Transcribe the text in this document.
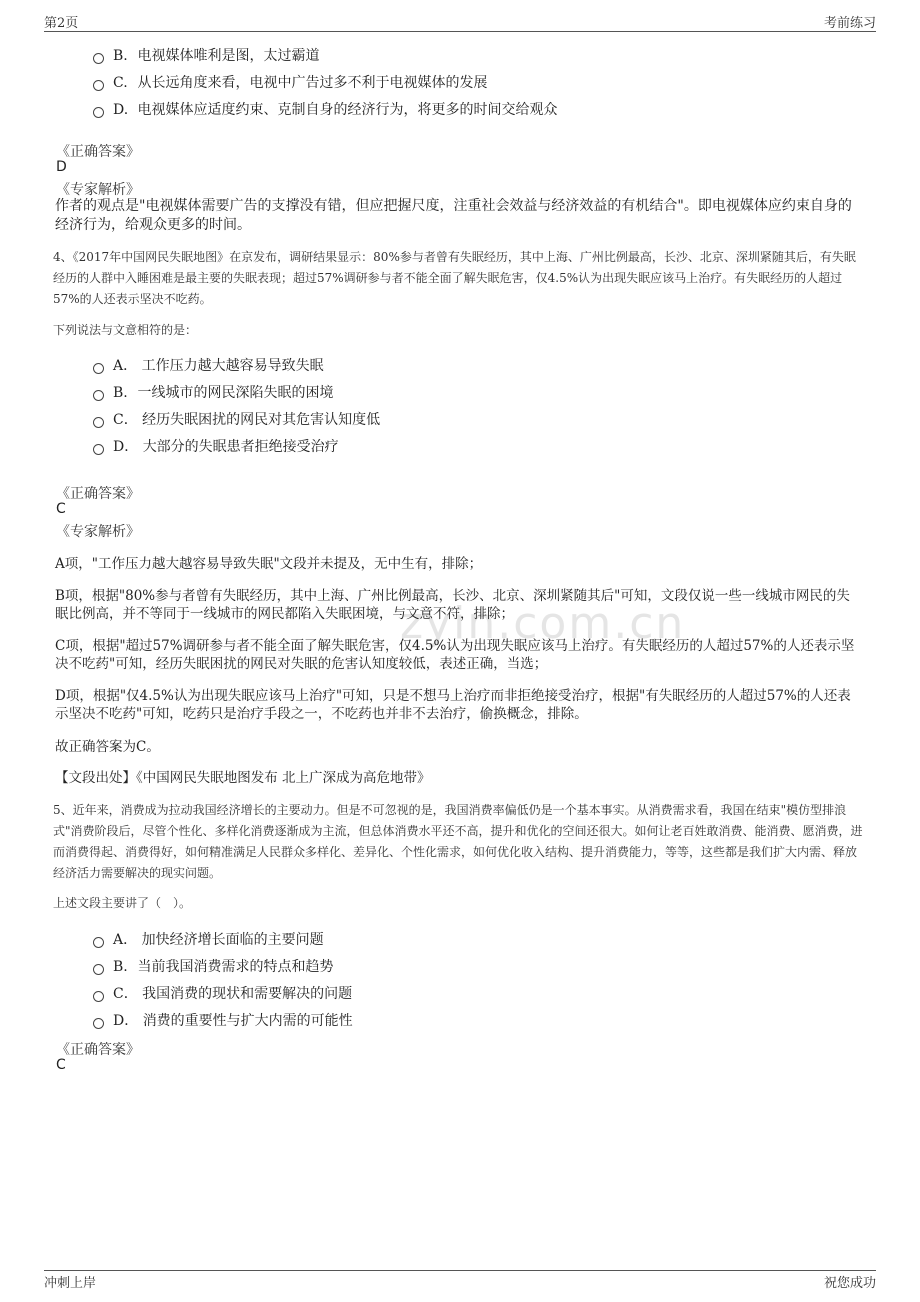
第2页	考前练习
zyin.com.cn
B. 电视媒体唯利是图，太过霸道
C. 从长远角度来看，电视中广告过多不利于电视媒体的发展
D. 电视媒体应适度约束、克制自身的经济行为，将更多的时间交给观众
《正确答案》
D
《专家解析》
作者的观点是"电视媒体需要广告的支撑没有错，但应把握尺度，注重社会效益与经济效益的有机结合"。即电视媒体应约束自身的经济行为，给观众更多的时间。
4、《2017年中国网民失眠地图》在京发布，调研结果显示：80%参与者曾有失眠经历，其中上海、广州比例最高，长沙、北京、深圳紧随其后，有失眠经历的人群中入睡困难是最主要的失眠表现；超过57%调研参与者不能全面了解失眠危害，仅4.5%认为出现失眠应该马上治疗。有失眠经历的人超过57%的人还表示坚决不吃药。
下列说法与文意相符的是：
A． 工作压力越大越容易导致失眠
B. 一线城市的网民深陷失眠的困境
C． 经历失眠困扰的网民对其危害认知度低
D． 大部分的失眠患者拒绝接受治疗
《正确答案》
C
《专家解析》
A项，"工作压力越大越容易导致失眠"文段并未提及，无中生有，排除；
B项，根据"80%参与者曾有失眠经历，其中上海、广州比例最高，长沙、北京、深圳紧随其后"可知，文段仅说一些一线城市网民的失眠比例高，并不等同于一线城市的网民都陷入失眠困境，与文意不符，排除；
C项，根据"超过57%调研参与者不能全面了解失眠危害，仅4.5%认为出现失眠应该马上治疗。有失眠经历的人超过57%的人还表示坚决不吃药"可知，经历失眠困扰的网民对失眠的危害认知度较低，表述正确，当选；
D项，根据"仅4.5%认为出现失眠应该马上治疗"可知，只是不想马上治疗而非拒绝接受治疗，根据"有失眠经历的人超过57%的人还表示坚决不吃药"可知，吃药只是治疗手段之一，不吃药也并非不去治疗，偷换概念，排除。
故正确答案为C。
【文段出处】《中国网民失眠地图发布 北上广深成为高危地带》
5、近年来，消费成为拉动我国经济增长的主要动力。但是不可忽视的是，我国消费率偏低仍是一个基本事实。从消费需求看，我国在结束"模仿型排浪式"消费阶段后，尽管个性化、多样化消费逐渐成为主流，但总体消费水平还不高，提升和优化的空间还很大。如何让老百姓敢消费、能消费、愿消费，进而消费得起、消费得好，如何精准满足人民群众多样化、差异化、个性化需求，如何优化收入结构、提升消费能力，等等，这些都是我们扩大内需、释放经济活力需要解决的现实问题。
上述文段主要讲了（　）。
A． 加快经济增长面临的主要问题
B. 当前我国消费需求的特点和趋势
C． 我国消费的现状和需要解决的问题
D． 消费的重要性与扩大内需的可能性
《正确答案》
C
冲刺上岸	祝您成功
